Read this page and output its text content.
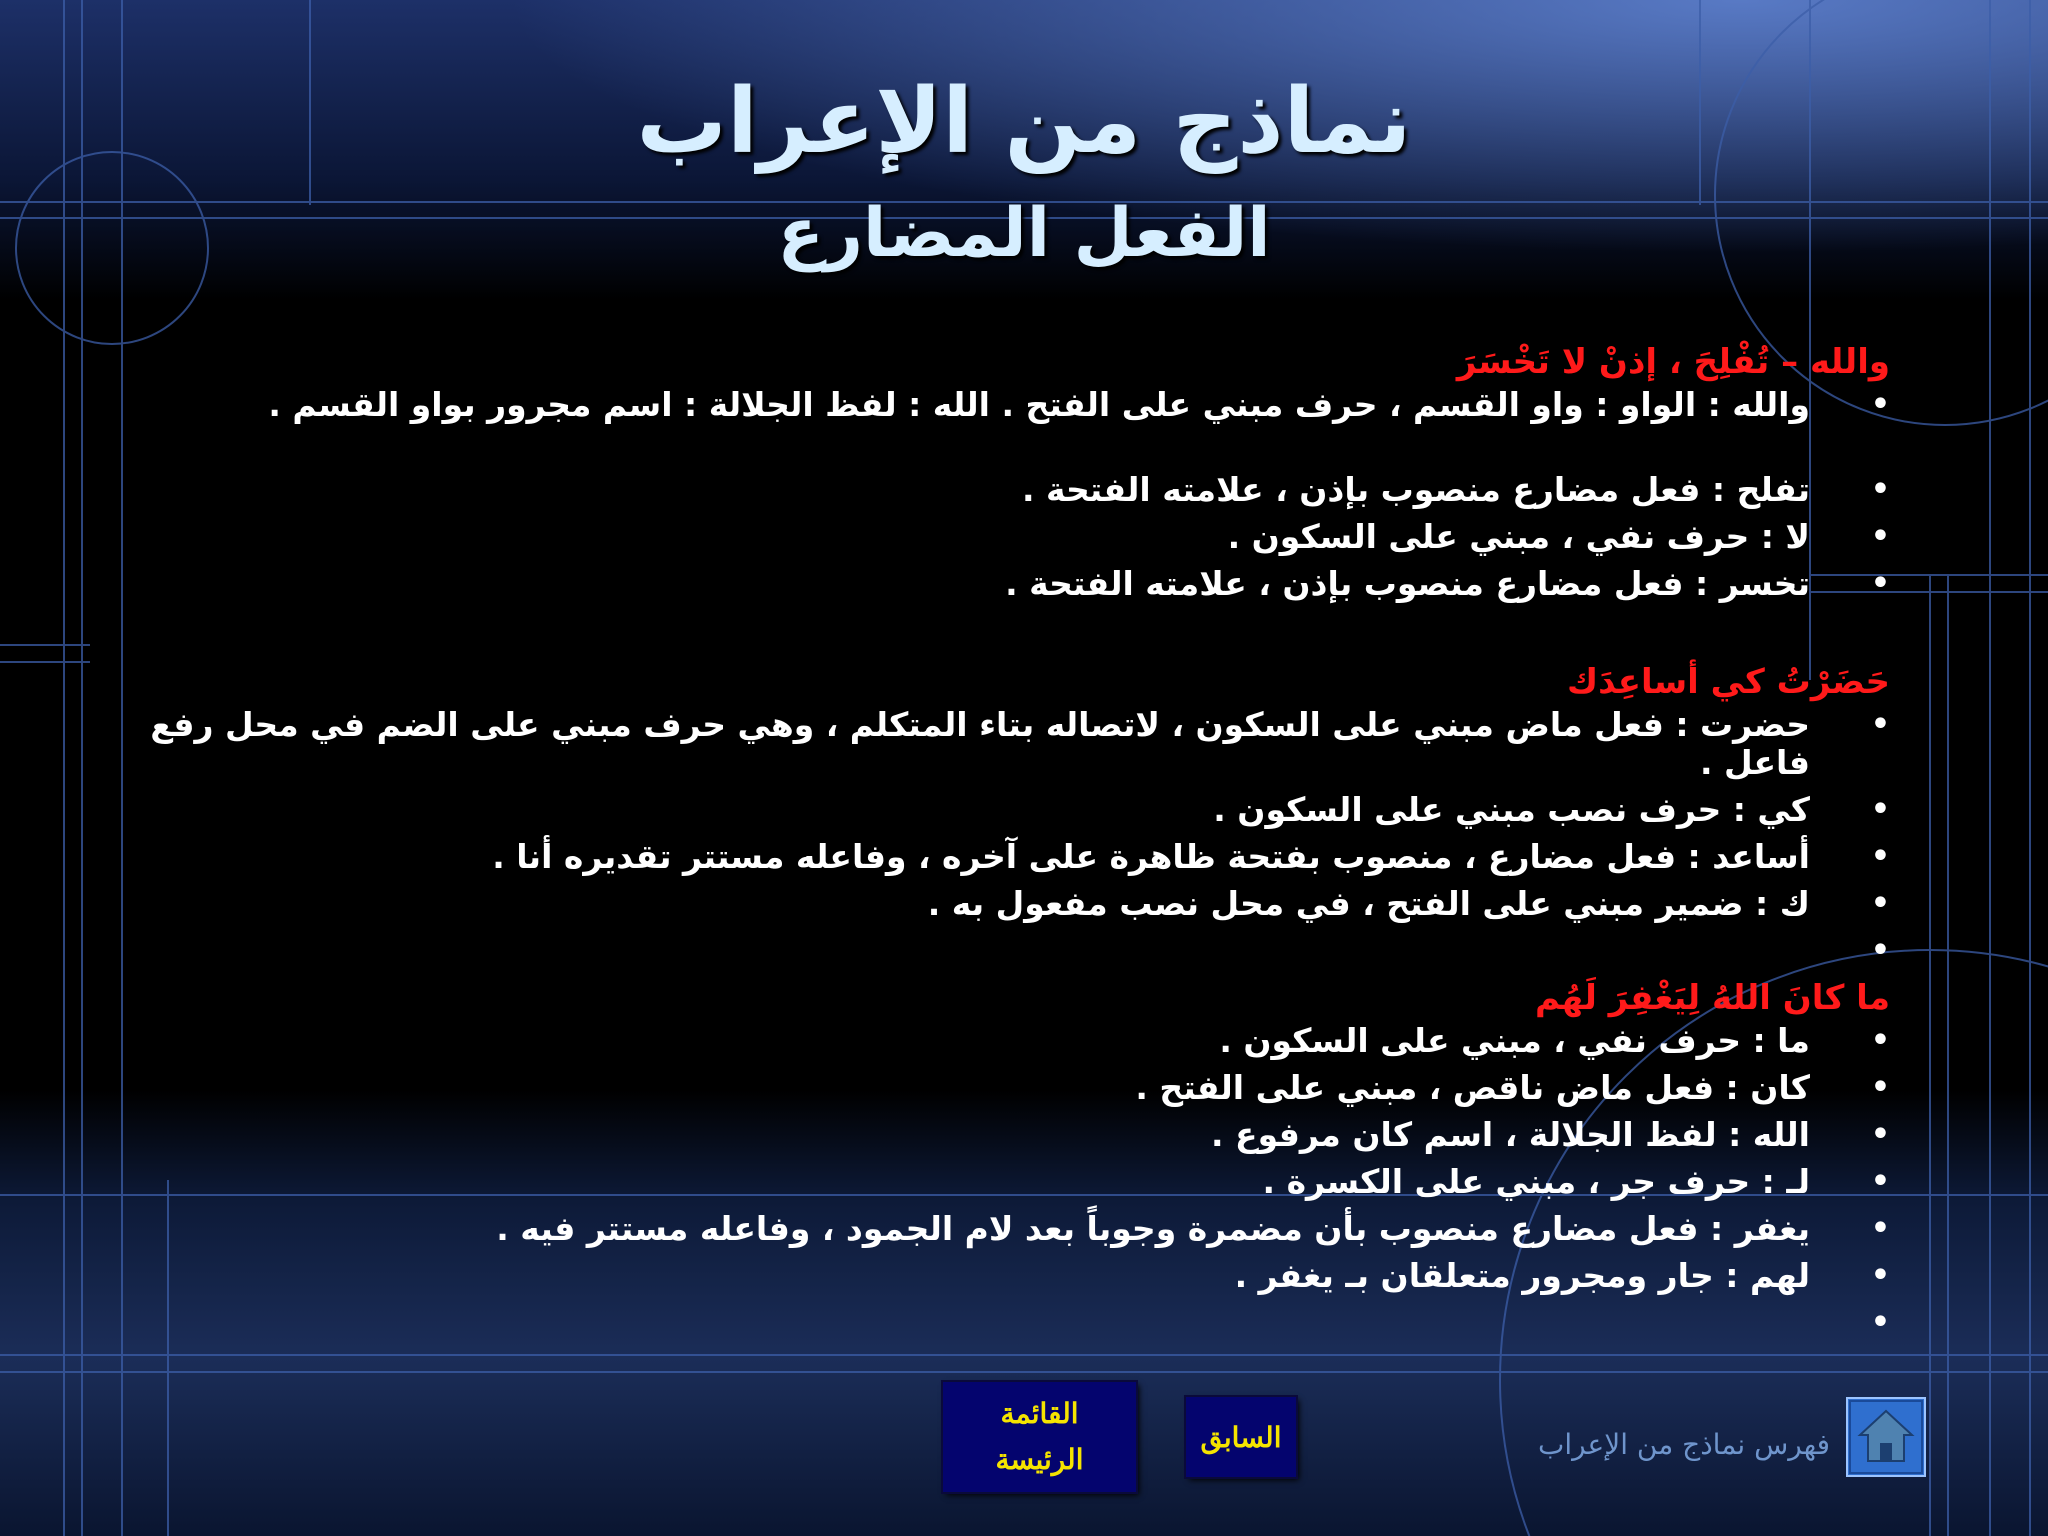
نماذج من الإعراب
الفعل المضارع
والله – تُفْلِحَ ، إذنْ لا تَخْسَرَ
• والله : الواو : واو القسم ، حرف مبني على الفتح . الله : لفظ الجلالة : اسم مجرور بواو القسم .
• تفلح : فعل مضارع منصوب بإذن ، علامته الفتحة .
• لا : حرف نفي ، مبني على السكون .
• تخسر : فعل مضارع منصوب بإذن ، علامته الفتحة .
حَضَرْتُ كي أساعِدَك
• حضرت : فعل ماض مبني على السكون ، لاتصاله بتاء المتكلم ، وهي حرف مبني على الضم في محل رفع فاعل .
• كي : حرف نصب مبني على السكون .
• أساعد : فعل مضارع ، منصوب بفتحة ظاهرة على آخره ، وفاعله مستتر تقديره أنا .
• ك : ضمير مبني على الفتح ، في محل نصب مفعول به .
•
ما كانَ اللهُ لِيَغْفِرَ لَهُم
• ما : حرف نفي ، مبني على السكون .
• كان : فعل ماض ناقص ، مبني على الفتح .
• الله : لفظ الجلالة ، اسم كان مرفوع .
• لـ : حرف جر ، مبني على الكسرة .
• يغفر : فعل مضارع منصوب بأن مضمرة وجوباً بعد لام الجمود ، وفاعله مستتر فيه .
• لهم : جار ومجرور متعلقان بـ يغفر .
•
القائمة
الرئيسة
السابق	فهرس نماذج من الإعراب
